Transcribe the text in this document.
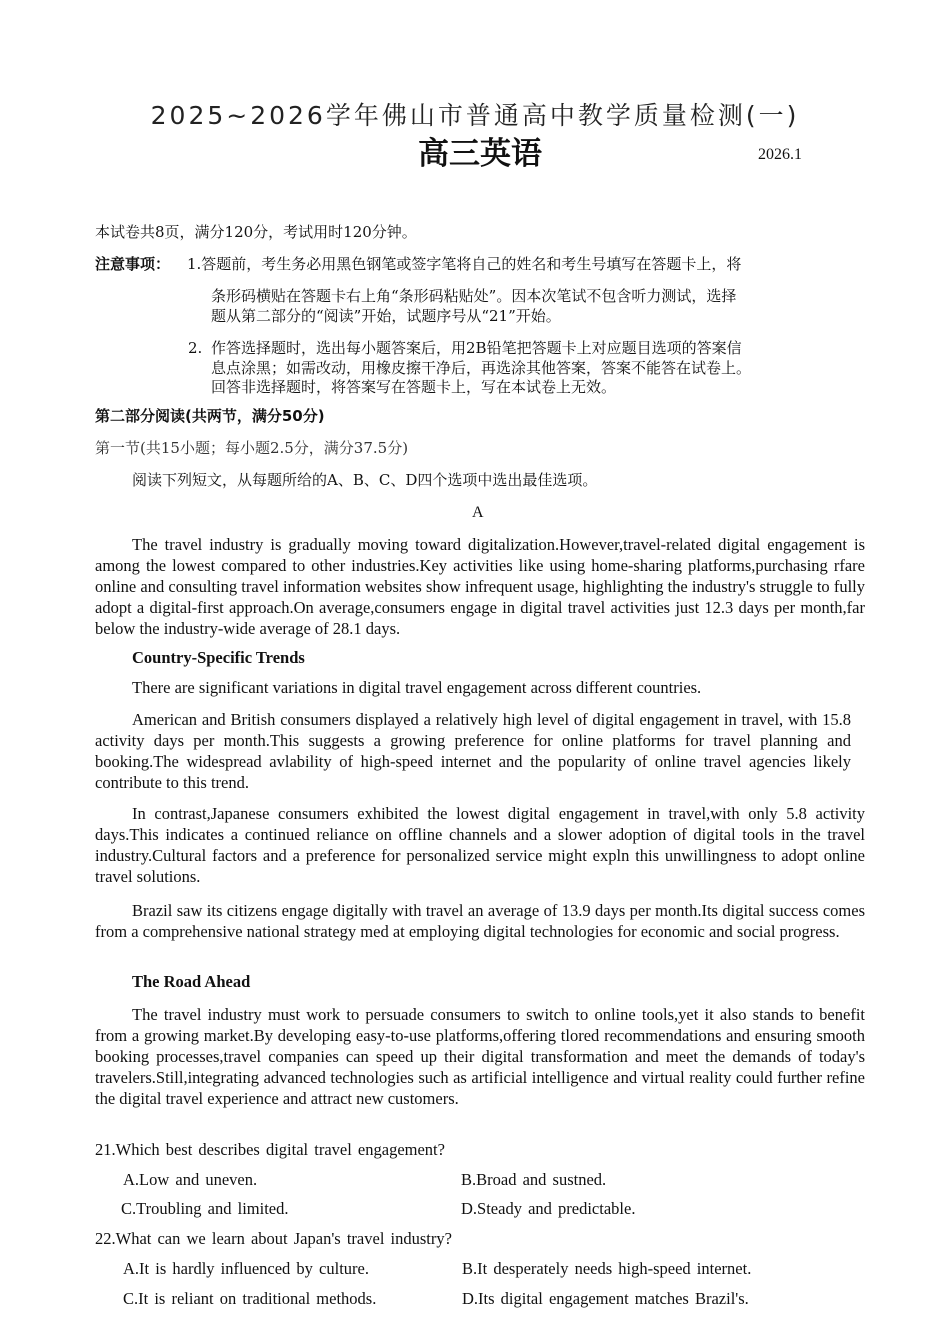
2025~2026学年佛山市普通高中教学质量检测(一)
高三英语	2026.1
本试卷共8页，满分120分，考试用时120分钟。
注意事项： 1.答题前，考生务必用黑色钢笔或签字笔将自己的姓名和考生号填写在答题卡上，将
条形码横贴在答题卡右上角“条形码粘贴处”。因本次笔试不包含听力测试，选择
题从第二部分的“阅读”开始，试题序号从“21”开始。
2. 作答选择题时，选出每小题答案后，用2B铅笔把答题卡上对应题目选项的答案信
息点涂黑；如需改动，用橡皮擦干净后，再选涂其他答案，答案不能答在试卷上。
回答非选择题时，将答案写在答题卡上，写在本试卷上无效。
第二部分阅读(共两节，满分50分)
第一节(共15小题；每小题2.5分，满分37.5分)
阅读下列短文，从每题所给的A、B、C、D四个选项中选出最佳选项。
A
The travel industry is gradually moving toward digitalization.However,travel-related digital engagement is among the lowest compared to other industries.Key activities like using home-sharing platforms,purchasing rfare online and consulting travel information websites show infrequent usage, highlighting the industry's struggle to fully adopt a digital-first approach.On average,consumers engage in digital travel activities just 12.3 days per month,far below the industry-wide average of 28.1 days.
Country-Specific Trends
There are significant variations in digital travel engagement across different countries.
American and British consumers displayed a relatively high level of digital engagement in travel, with 15.8 activity days per month.This suggests a growing preference for online platforms for travel planning and booking.The widespread avlability of high-speed internet and the popularity of online travel agencies likely contribute to this trend.
In contrast,Japanese consumers exhibited the lowest digital engagement in travel,with only 5.8 activity days.This indicates a continued reliance on offline channels and a slower adoption of digital tools in the travel industry.Cultural factors and a preference for personalized service might expln this unwillingness to adopt online travel solutions.
Brazil saw its citizens engage digitally with travel an average of 13.9 days per month.Its digital success comes from a comprehensive national strategy med at employing digital technologies for economic and social progress.
The Road Ahead
The travel industry must work to persuade consumers to switch to online tools,yet it also stands to benefit from a growing market.By developing easy-to-use platforms,offering tlored recommendations and ensuring smooth booking processes,travel companies can speed up their digital transformation and meet the demands of today's travelers.Still,integrating advanced technologies such as artificial intelligence and virtual reality could further refine the digital travel experience and attract new customers.
21.Which best describes digital travel engagement?
A.Low and uneven.	B.Broad and sustned.
C.Troubling and limited.	D.Steady and predictable.
22.What can we learn about Japan's travel industry?
A.It is hardly influenced by culture.	B.It desperately needs high-speed internet.
C.It is reliant on traditional methods.	D.Its digital engagement matches Brazil's.
